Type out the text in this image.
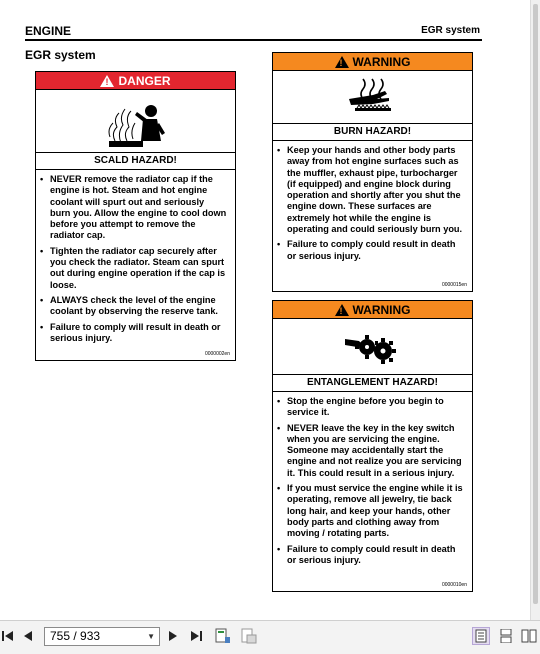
ENGINE	EGR system
EGR system
! DANGER
SCALD HAZARD!
• NEVER remove the radiator cap if the engine is hot. Steam and hot engine coolant will spurt out and seriously burn you. Allow the engine to cool down before you attempt to remove the radiator cap.
• Tighten the radiator cap securely after you check the radiator. Steam can spurt out during engine operation if the cap is loose.
• ALWAYS check the level of the engine coolant by observing the reserve tank.
• Failure to comply will result in death or serious injury.
0000002en
! WARNING
BURN HAZARD!
• Keep your hands and other body parts away from hot engine surfaces such as the muffler, exhaust pipe, turbocharger (if equipped) and engine block during operation and shortly after you shut the engine down. These surfaces are extremely hot while the engine is operating and could seriously burn you.
• Failure to comply could result in death or serious injury.
0000015en
! WARNING
ENTANGLEMENT HAZARD!
• Stop the engine before you begin to service it.
• NEVER leave the key in the key switch when you are servicing the engine. Someone may accidentally start the engine and not realize you are servicing it. This could result in a serious injury.
• If you must service the engine while it is operating, remove all jewelry, tie back long hair, and keep your hands, other body parts and clothing away from moving / rotating parts.
• Failure to comply could result in death or serious injury.
0000010en
755 / 933	▼
